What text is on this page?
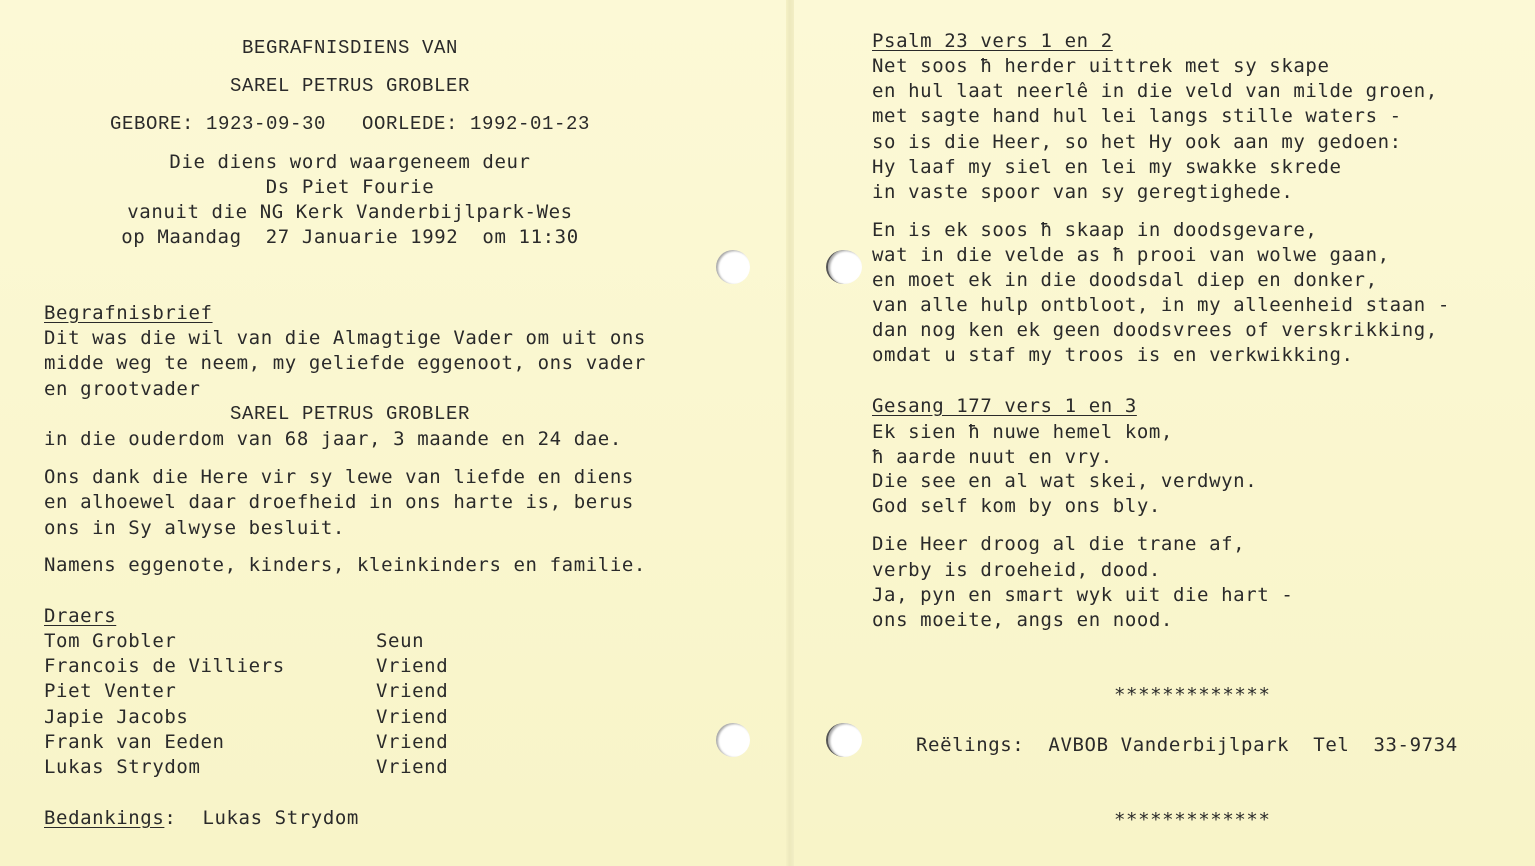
BEGRAFNISDIENS VAN
SAREL PETRUS GROBLER
GEBORE: 1923-09-30   OORLEDE: 1992-01-23
Die diens word waargeneem deur
Ds Piet Fourie
vanuit die NG Kerk Vanderbijlpark-Wes
op Maandag  27 Januarie 1992  om 11:30
Begrafnisbrief
Dit was die wil van die Almagtige Vader om uit ons
midde weg te neem, my geliefde eggenoot, ons vader
en grootvader
SAREL PETRUS GROBLER
in die ouderdom van 68 jaar, 3 maande en 24 dae.
Ons dank die Here vir sy lewe van liefde en diens
en alhoewel daar droefheid in ons harte is, berus
ons in Sy alwyse besluit.
Namens eggenote, kinders, kleinkinders en familie.
Draers
Tom Grobler	Seun
Francois de Villiers	Vriend
Piet Venter	Vriend
Japie Jacobs	Vriend
Frank van Eeden	Vriend
Lukas Strydom	Vriend
Bedankings: Lukas Strydom
Psalm 23 vers 1 en 2
Net soos ħ herder uittrek met sy skape
en hul laat neerlê in die veld van milde groen,
met sagte hand hul lei langs stille waters -
so is die Heer, so het Hy ook aan my gedoen:
Hy laaf my siel en lei my swakke skrede
in vaste spoor van sy geregtighede.
En is ek soos ħ skaap in doodsgevare,
wat in die velde as ħ prooi van wolwe gaan,
en moet ek in die doodsdal diep en donker,
van alle hulp ontbloot, in my alleenheid staan -
dan nog ken ek geen doodsvrees of verskrikking,
omdat u staf my troos is en verkwikking.
Gesang 177 vers 1 en 3
Ek sien ħ nuwe hemel kom,
ħ aarde nuut en vry.
Die see en al wat skei, verdwyn.
God self kom by ons bly.
Die Heer droog al die trane af,
verby is droeheid, dood.
Ja, pyn en smart wyk uit die hart -
ons moeite, angs en nood.
*************
Reëlings:  AVBOB Vanderbijlpark  Tel  33-9734
*************
